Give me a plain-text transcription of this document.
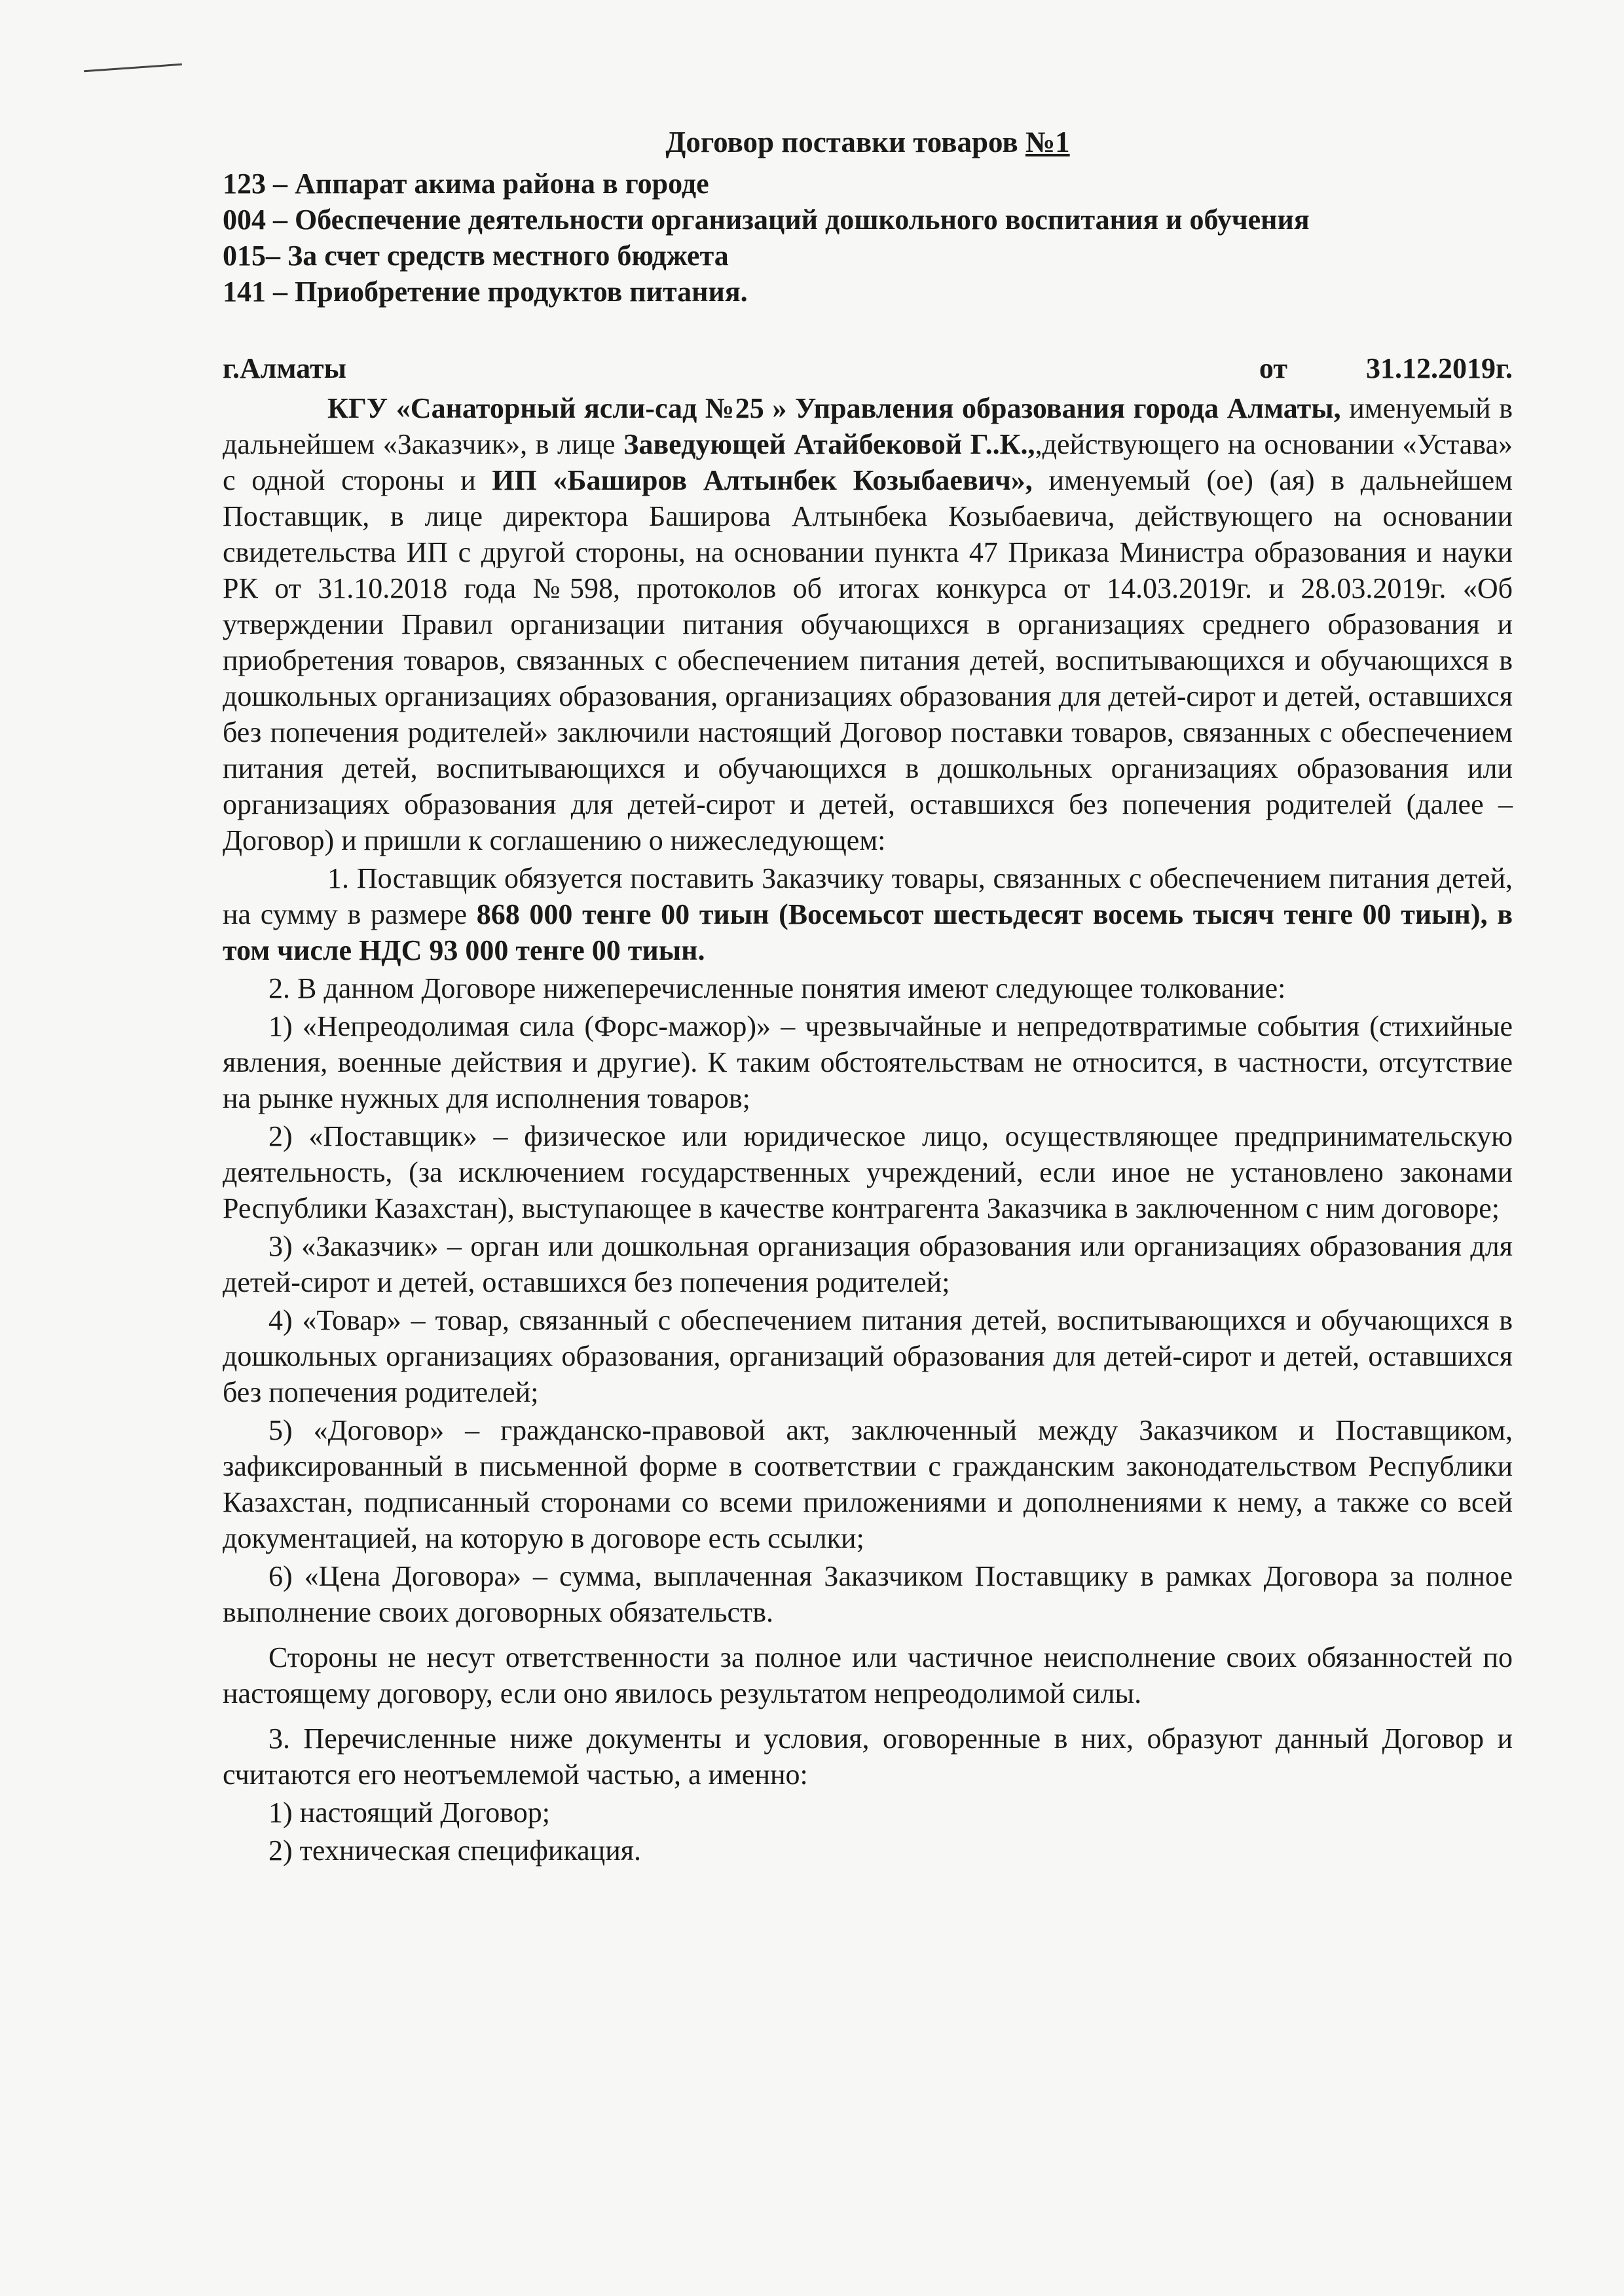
Договор поставки товаров №1

123 – Аппарат акима района в городе

004 – Обеспечение деятельности организаций дошкольного воспитания и обучения

015– За счет средств местного бюджета

141 – Приобретение продуктов питания.

г.Алматы	от	31.12.2019г.

КГУ «Санаторный ясли-сад №25 » Управления образования города Алматы, именуемый в дальнейшем «Заказчик», в лице Заведующей Атайбековой Г..К.,,действующего на основании «Устава» с одной стороны и ИП «Баширов Алтынбек Козыбаевич», именуемый (ое) (ая) в дальнейшем Поставщик, в лице директора Баширова Алтынбека Козыбаевича, действующего на основании свидетельства ИП с другой стороны, на основании пункта 47 Приказа Министра образования и науки РК от 31.10.2018 года №598, протоколов об итогах конкурса от 14.03.2019г. и 28.03.2019г. «Об утверждении Правил организации питания обучающихся в организациях среднего образования и приобретения товаров, связанных с обеспечением питания детей, воспитывающихся и обучающихся в дошкольных организациях образования, организациях образования для детей-сирот и детей, оставшихся без попечения родителей» заключили настоящий Договор поставки товаров, связанных с обеспечением питания детей, воспитывающихся и обучающихся в дошкольных организациях образования или организациях образования для детей-сирот и детей, оставшихся без попечения родителей (далее – Договор) и пришли к соглашению о нижеследующем:

1. Поставщик обязуется поставить Заказчику товары, связанных с обеспечением питания детей, на сумму в размере 868 000 тенге 00 тиын (Восемьсот шестьдесят восемь тысяч тенге 00 тиын), в том числе НДС 93 000 тенге 00 тиын.

2. В данном Договоре нижеперечисленные понятия имеют следующее толкование:

1) «Непреодолимая сила (Форс-мажор)» – чрезвычайные и непредотвратимые события (стихийные явления, военные действия и другие). К таким обстоятельствам не относится, в частности, отсутствие на рынке нужных для исполнения товаров;

2) «Поставщик» – физическое или юридическое лицо, осуществляющее предпринимательскую деятельность, (за исключением государственных учреждений, если иное не установлено законами Республики Казахстан), выступающее в качестве контрагента Заказчика в заключенном с ним договоре;

3) «Заказчик» – орган или дошкольная организация образования или организациях образования для детей-сирот и детей, оставшихся без попечения родителей;

4) «Товар» – товар, связанный с обеспечением питания детей, воспитывающихся и обучающихся в дошкольных организациях образования, организаций образования для детей-сирот и детей, оставшихся без попечения родителей;

5) «Договор» – гражданско-правовой акт, заключенный между Заказчиком и Поставщиком, зафиксированный в письменной форме в соответствии с гражданским законодательством Республики Казахстан, подписанный сторонами со всеми приложениями и дополнениями к нему, а также со всей документацией, на которую в договоре есть ссылки;

6) «Цена Договора» – сумма, выплаченная Заказчиком Поставщику в рамках Договора за полное выполнение своих договорных обязательств.

Стороны не несут ответственности за полное или частичное неисполнение своих обязанностей по настоящему договору, если оно явилось результатом непреодолимой силы.

3. Перечисленные ниже документы и условия, оговоренные в них, образуют данный Договор и считаются его неотъемлемой частью, а именно:

1) настоящий Договор;

2) техническая спецификация.
